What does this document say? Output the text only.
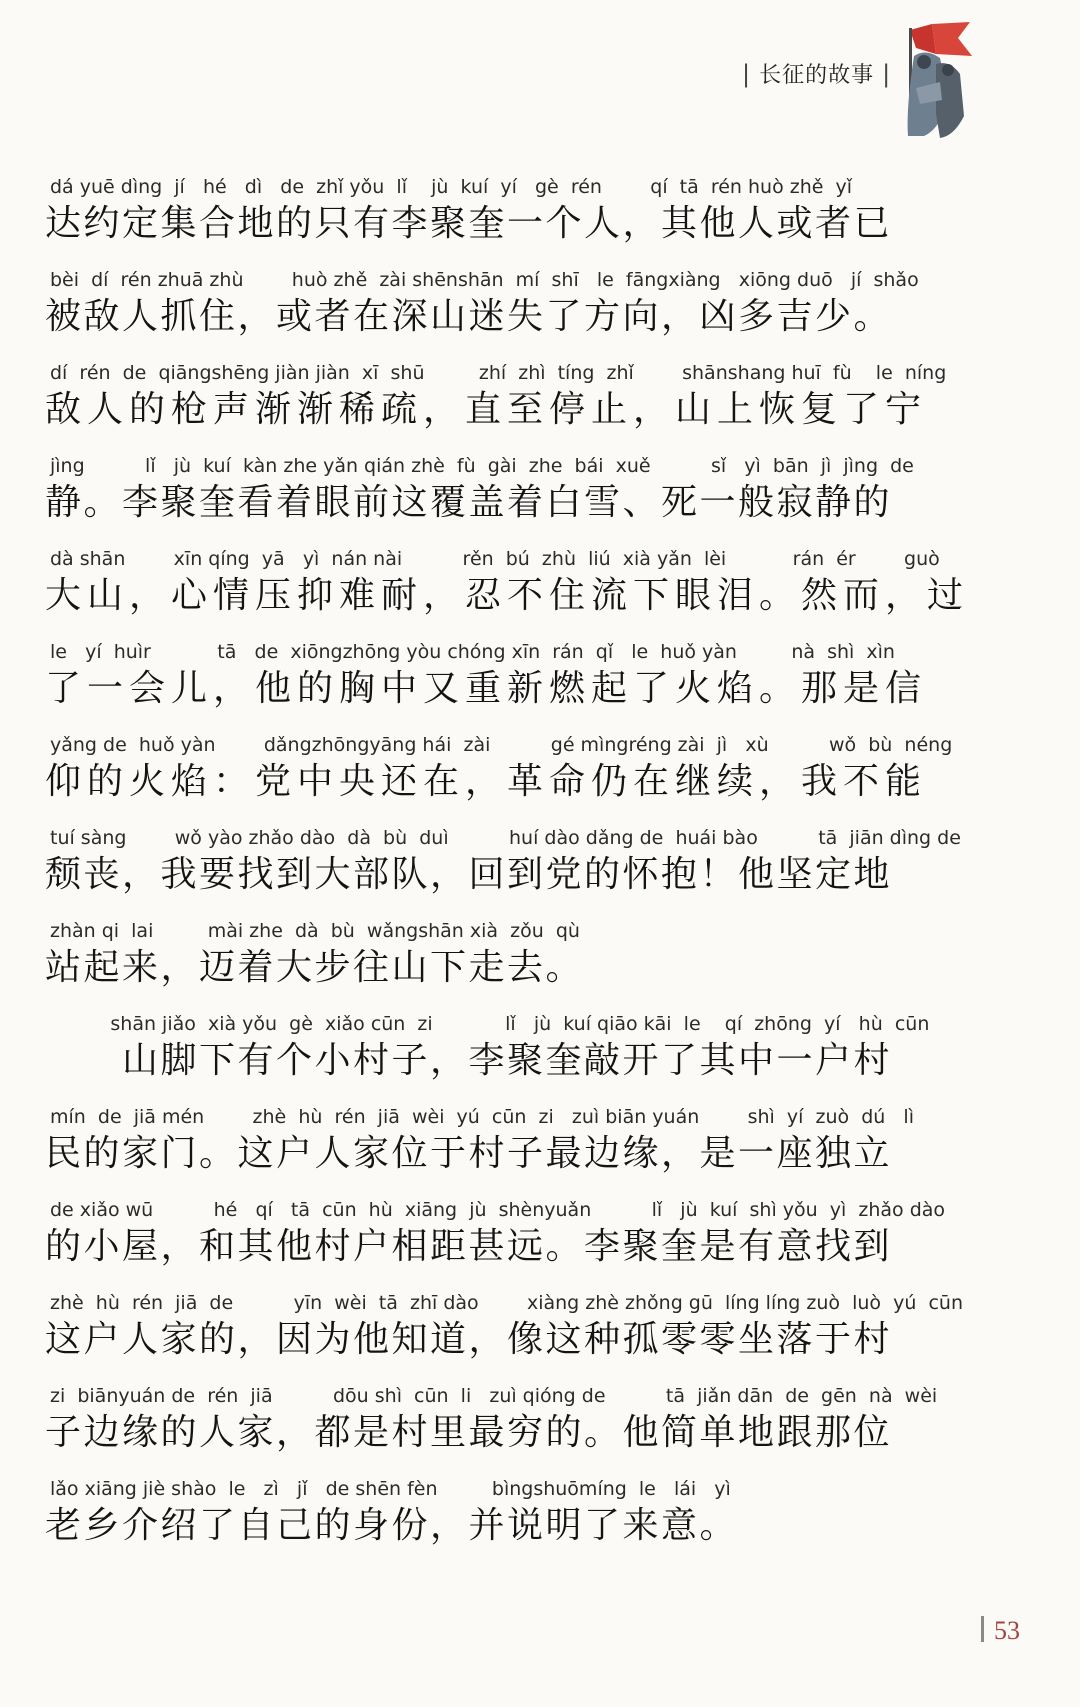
| 长征的故事 |
dá yuē dìng  jí   hé   dì   de  zhǐ yǒu  lǐ    jù  kuí  yí   gè  rén        qí  tā  rén huò zhě  yǐ
达约定集合地的只有李聚奎一个人，其他人或者已
bèi  dí  rén zhuā zhù        huò zhě  zài shēnshān  mí  shī   le  fāngxiàng   xiōng duō   jí  shǎo
被敌人抓住，或者在深山迷失了方向，凶多吉少。
dí  rén  de  qiāngshēng jiàn jiàn  xī  shū         zhí  zhì  tíng  zhǐ        shānshang huī  fù    le  níng
敌人的枪声渐渐稀疏，直至停止，山上恢复了宁
jìng          lǐ   jù  kuí  kàn zhe yǎn qián zhè  fù  gài  zhe  bái  xuě          sǐ   yì  bān  jì  jìng  de
静。李聚奎看着眼前这覆盖着白雪、死一般寂静的
dà shān        xīn qíng  yā   yì  nán nài          rěn  bú  zhù  liú  xià yǎn  lèi           rán  ér        guò
大山，心情压抑难耐，忍不住流下眼泪。然而，过
le   yí  huìr           tā   de  xiōngzhōng yòu chóng xīn  rán  qǐ   le  huǒ yàn         nà  shì  xìn
了一会儿，他的胸中又重新燃起了火焰。那是信
yǎng de  huǒ yàn        dǎngzhōngyāng hái  zài          gé mìngréng zài  jì   xù          wǒ  bù  néng
仰的火焰：党中央还在，革命仍在继续，我不能
tuí sàng        wǒ yào zhǎo dào  dà  bù  duì          huí dào dǎng de  huái bào          tā  jiān dìng de
颓丧，我要找到大部队，回到党的怀抱！他坚定地
zhàn qi  lai         mài zhe  dà  bù  wǎngshān xià  zǒu  qù
站起来，迈着大步往山下走去。
shān jiǎo  xià yǒu  gè  xiǎo cūn  zi            lǐ   jù  kuí qiāo kāi  le    qí  zhōng  yí   hù  cūn
　　山脚下有个小村子，李聚奎敲开了其中一户村
mín  de  jiā mén        zhè  hù  rén  jiā  wèi  yú  cūn  zi   zuì biān yuán        shì  yí  zuò  dú   lì
民的家门。这户人家位于村子最边缘，是一座独立
de xiǎo wū          hé   qí   tā  cūn  hù  xiāng  jù  shènyuǎn          lǐ   jù  kuí  shì yǒu  yì  zhǎo dào
的小屋，和其他村户相距甚远。李聚奎是有意找到
zhè  hù  rén  jiā  de          yīn  wèi  tā  zhī dào        xiàng zhè zhǒng gū  líng líng zuò  luò  yú  cūn
这户人家的，因为他知道，像这种孤零零坐落于村
zi  biānyuán de  rén  jiā          dōu shì  cūn  li   zuì qióng de          tā  jiǎn dān  de  gēn  nà  wèi
子边缘的人家，都是村里最穷的。他简单地跟那位
lǎo xiāng jiè shào  le   zì   jǐ   de shēn fèn         bìngshuōmíng  le   lái   yì
老乡介绍了自己的身份，并说明了来意。
53
